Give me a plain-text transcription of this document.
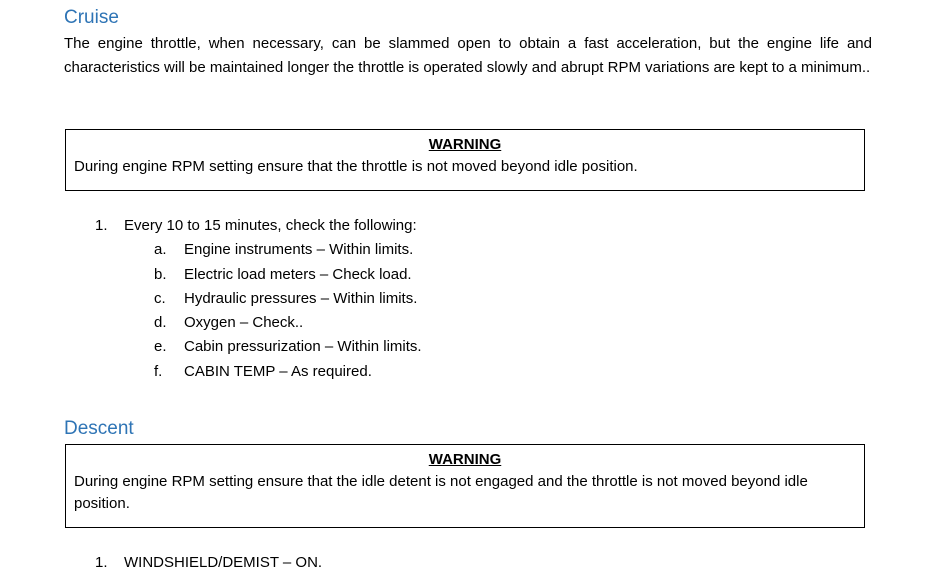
Cruise

The engine throttle, when necessary, can be slammed open to obtain a fast acceleration, but the engine life and characteristics will be maintained longer the throttle is operated slowly and abrupt RPM variations are kept to a minimum..

WARNING
During engine RPM setting ensure that the throttle is not moved beyond idle position.
1. Every 10 to 15 minutes, check the following:
a. Engine instruments – Within limits.
b. Electric load meters – Check load.
c. Hydraulic pressures – Within limits.
d. Oxygen – Check..
e. Cabin pressurization – Within limits.
f. CABIN TEMP – As required.
Descent
WARNING
During engine RPM setting ensure that the idle detent is not engaged and the throttle is not moved beyond idle position.
1. WINDSHIELD/DEMIST – ON.
